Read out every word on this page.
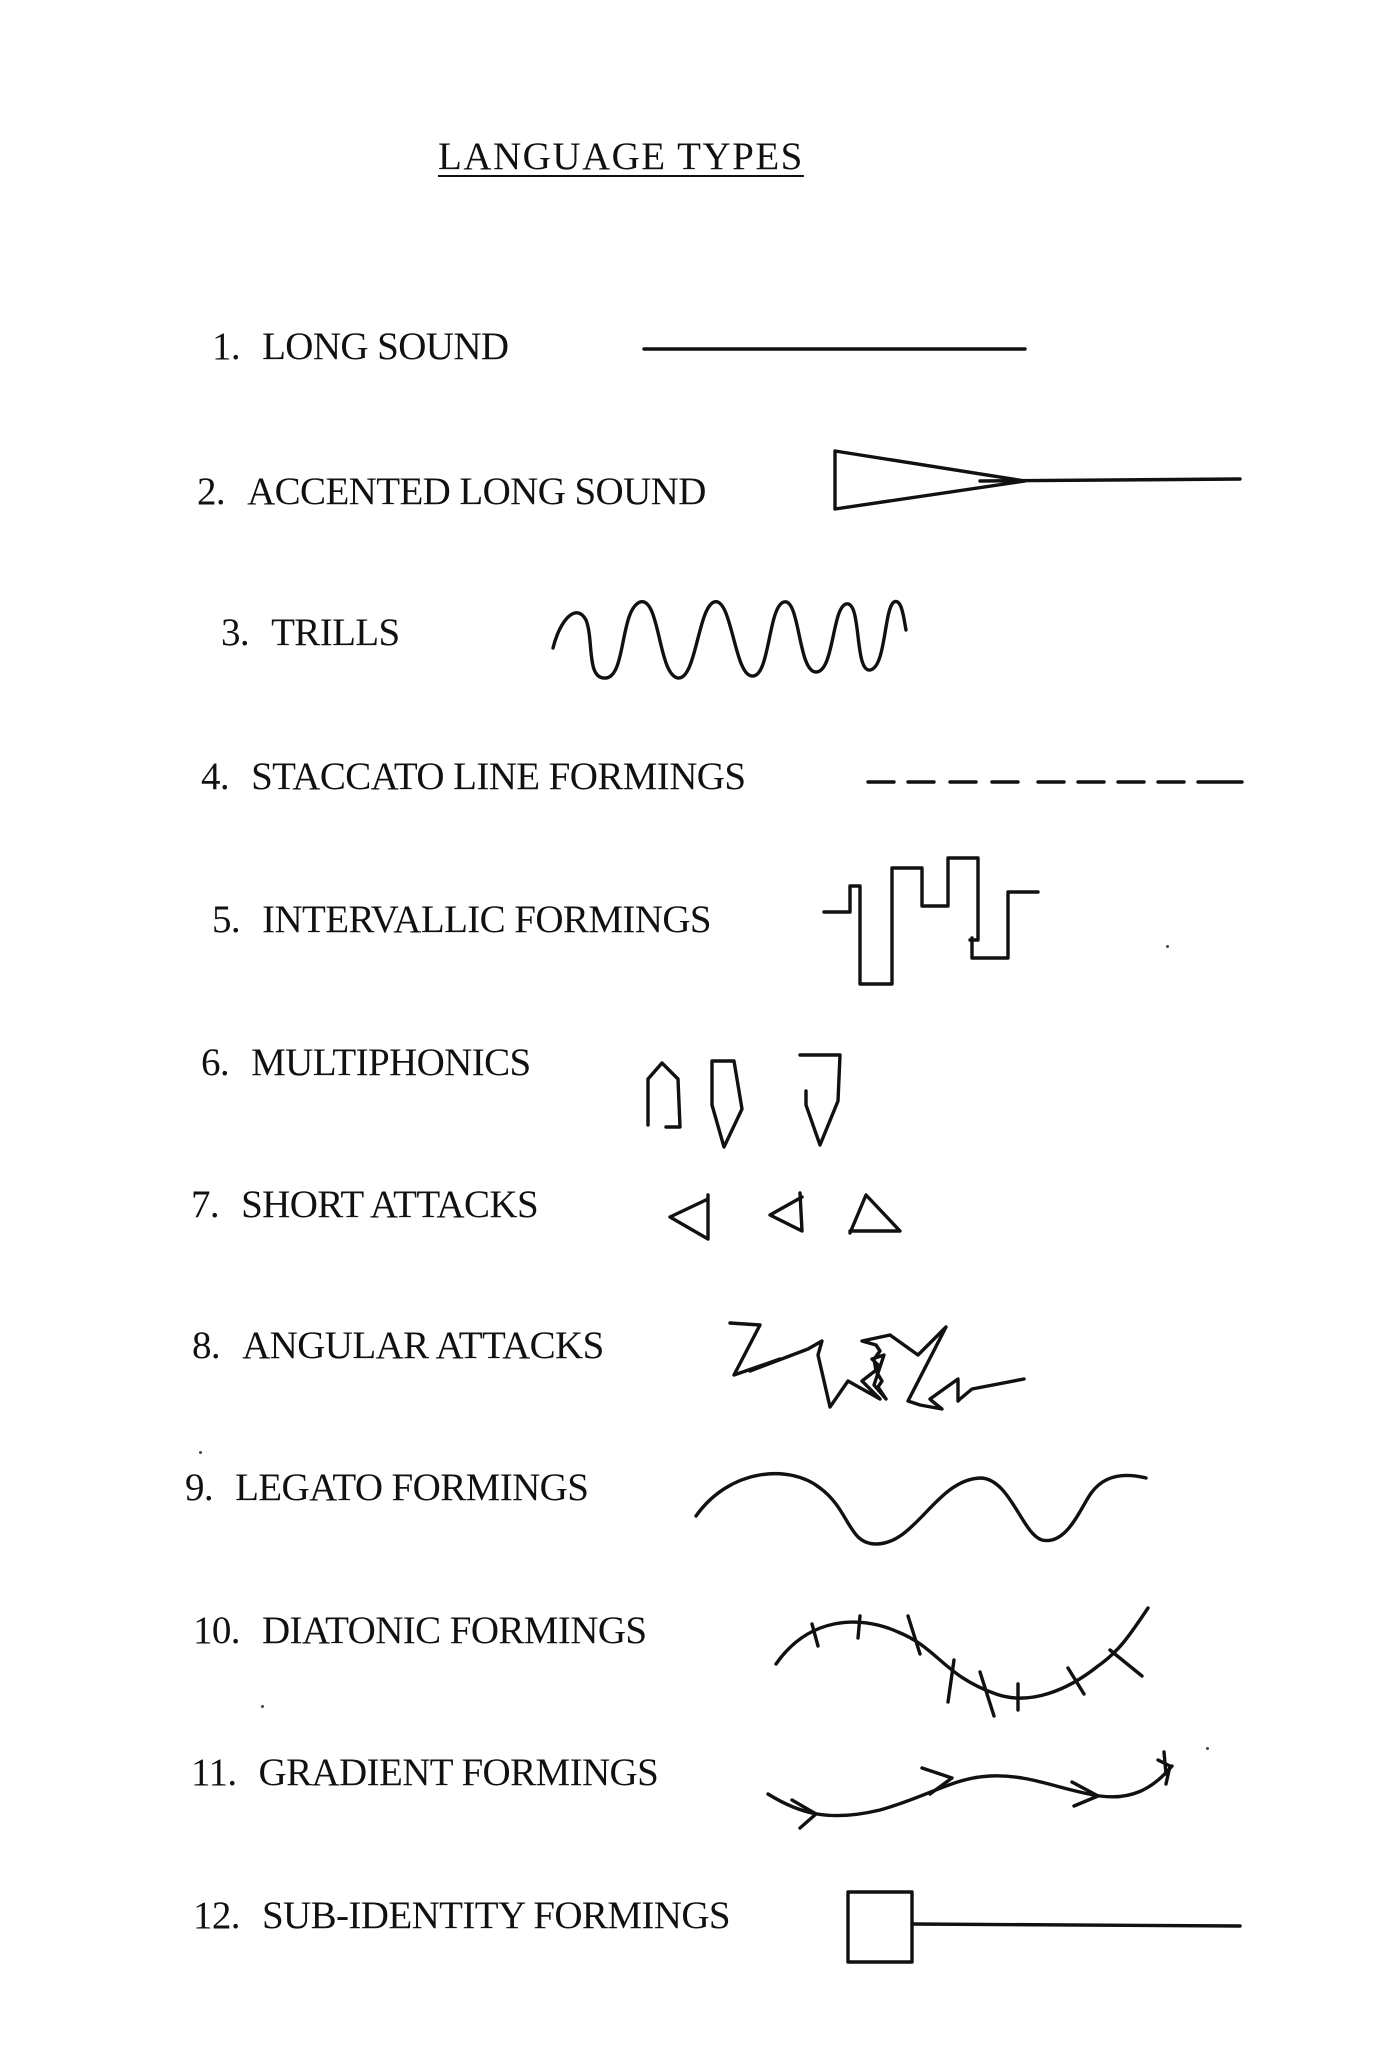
LANGUAGE TYPES
1. LONG SOUND
2. ACCENTED LONG SOUND
3. TRILLS
4. STACCATO LINE FORMINGS
5. INTERVALLIC FORMINGS
6. MULTIPHONICS
7. SHORT ATTACKS
8. ANGULAR ATTACKS
9. LEGATO FORMINGS
10. DIATONIC FORMINGS
11. GRADIENT FORMINGS
12. SUB-IDENTITY FORMINGS
